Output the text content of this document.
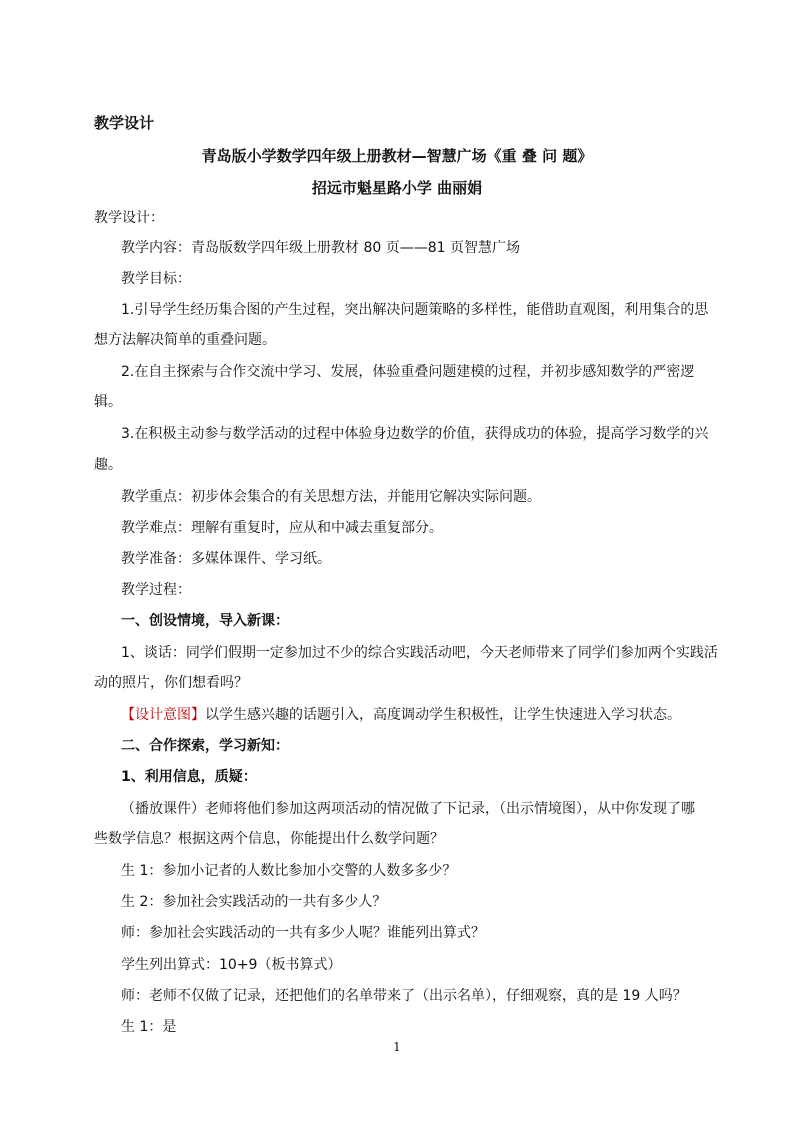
教学设计
青岛版小学数学四年级上册教材—智慧广场《重 叠 问 题》
招远市魁星路小学 曲丽娟
教学设计：
教学内容：青岛版数学四年级上册教材 80 页——81 页智慧广场
教学目标：
1.引导学生经历集合图的产生过程，突出解决问题策略的多样性，能借助直观图，利用集合的思
想方法解决简单的重叠问题。
2.在自主探索与合作交流中学习、发展，体验重叠问题建模的过程，并初步感知数学的严密逻
辑。
3.在积极主动参与数学活动的过程中体验身边数学的价值，获得成功的体验，提高学习数学的兴
趣。
教学重点：初步体会集合的有关思想方法，并能用它解决实际问题。
教学难点：理解有重复时，应从和中减去重复部分。
教学准备：多媒体课件、学习纸。
教学过程：
一、创设情境，导入新课：
1、谈话：同学们假期一定参加过不少的综合实践活动吧，今天老师带来了同学们参加两个实践活
动的照片，你们想看吗？
【设计意图】以学生感兴趣的话题引入，高度调动学生积极性，让学生快速进入学习状态。
二、合作探索，学习新知：
1、利用信息，质疑：
（播放课件）老师将他们参加这两项活动的情况做了下记录，（出示情境图），从中你发现了哪
些数学信息？根据这两个信息，你能提出什么数学问题？
生 1：参加小记者的人数比参加小交警的人数多多少？
生 2：参加社会实践活动的一共有多少人？
师：参加社会实践活动的一共有多少人呢？谁能列出算式？
学生列出算式：10+9（板书算式）
师：老师不仅做了记录，还把他们的名单带来了（出示名单），仔细观察，真的是 19 人吗？
生 1：是
1
